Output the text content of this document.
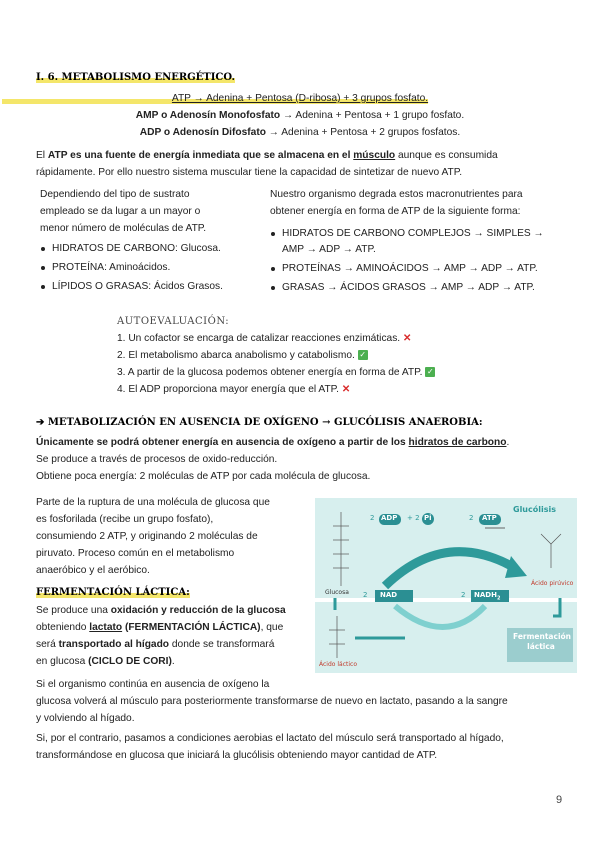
I. 6. METABOLISMO ENERGÉTICO.
ATP → Adenina + Pentosa (D-ribosa) + 3 grupos fosfato.
AMP o Adenosín Monofosfato → Adenina + Pentosa + 1 grupo fosfato.
ADP o Adenosín Difosfato → Adenina + Pentosa + 2 grupos fosfatos.
El ATP es una fuente de energía inmediata que se almacena en el músculo aunque es consumida
rápidamente. Por ello nuestro sistema muscular tiene la capacidad de sintetizar de nuevo ATP.
Dependiendo del tipo de sustrato
empleado se da lugar a un mayor o
menor número de moléculas de ATP.
HIDRATOS DE CARBONO: Glucosa.
PROTEÍNA: Aminoácidos.
LÍPIDOS O GRASAS: Ácidos Grasos.
Nuestro organismo degrada estos macronutrientes para
obtener energía en forma de ATP de la siguiente forma:
HIDRATOS DE CARBONO COMPLEJOS → SIMPLES →
AMP → ADP → ATP.
PROTEÍNAS → AMINOÁCIDOS → AMP → ADP → ATP.
GRASAS → ÁCIDOS GRASOS → AMP → ADP → ATP.
AUTOEVALUACIÓN:
1. Un cofactor se encarga de catalizar reacciones enzimáticas. ✕
2. El metabolismo abarca anabolismo y catabolismo. ✓
3. A partir de la glucosa podemos obtener energía en forma de ATP. ✓
4. El ADP proporciona mayor energía que el ATP. ✕
➔ METABOLIZACIÓN EN AUSENCIA DE OXÍGENO → GLUCÓLISIS ANAEROBIA:
Únicamente se podrá obtener energía en ausencia de oxígeno a partir de los hidratos de carbono.
Se produce a través de procesos de oxido-reducción.
Obtiene poca energía: 2 moléculas de ATP por cada molécula de glucosa.
Parte de la ruptura de una molécula de glucosa que
es fosforilada (recibe un grupo fosfato),
consumiendo 2 ATP, y originando 2 moléculas de
piruvato. Proceso común en el metabolismo
anaeróbico y el aeróbico.
FERMENTACIÓN LÁCTICA:
Se produce una oxidación y reducción de la glucosa
obteniendo lactato (FERMENTACIÓN LÁCTICA), que
será transportado al hígado donde se transformará
en glucosa (CICLO DE CORI).
Si el organismo continúa en ausencia de oxígeno la
glucosa volverá al músculo para posteriormente transformarse de nuevo en lactato, pasando a la sangre
y volviendo al hígado.
Si, por el contrario, pasamos a condiciones aerobias el lactato del músculo será transportado al hígado,
transformándose en glucosa que iniciará la glucólisis obteniendo mayor cantidad de ATP.
Glucólisis
2 ADP + 2 Pi	2 ATP
2 NAD	2 $NADH_2$
Glucosa
Ácido pirúvico
Ácido láctico
Fermentación
láctica
9
